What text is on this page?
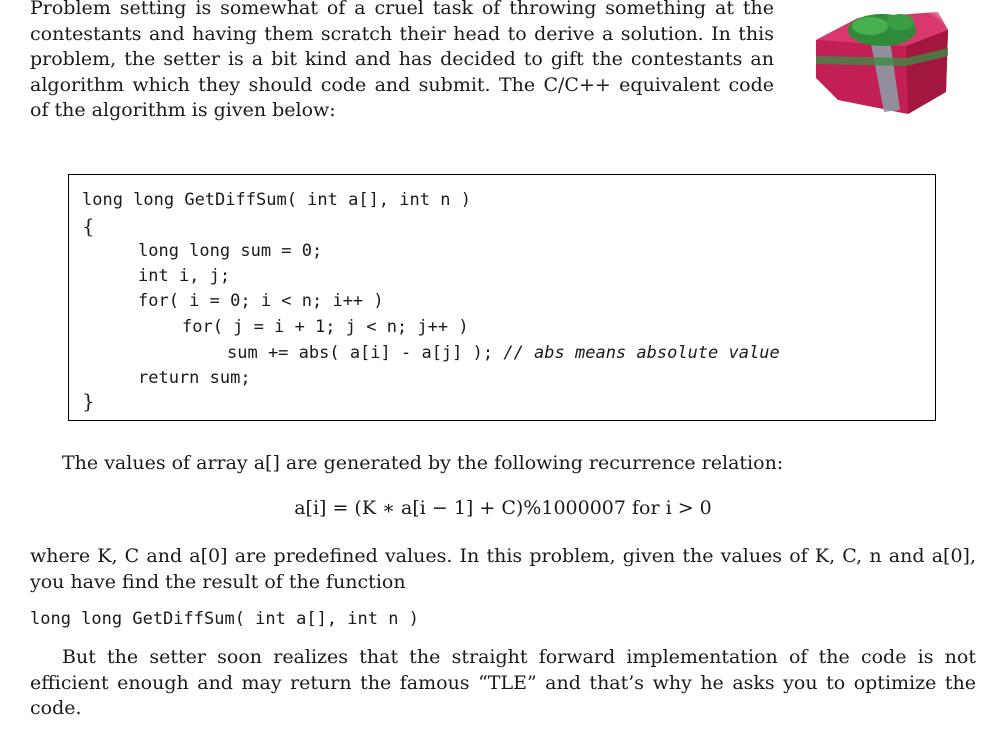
Problem setting is somewhat of a cruel task of throwing something at the contestants and having them scratch their head to derive a solution. In this problem, the setter is a bit kind and has decided to gift the contestants an algorithm which they should code and submit. The C/C++ equivalent code of the algorithm is given below:

long long GetDiffSum( int a[], int n )
{
long long sum = 0;
int i, j;
for( i = 0; i < n; i++ )
for( j = i + 1; j < n; j++ )
sum += abs( a[i] - a[j] ); // abs means absolute value
return sum;
}

The values of array a[] are generated by the following recurrence relation:

a[i] = (K ∗ a[i − 1] + C)%1000007 for i > 0

where K, C and a[0] are predefined values. In this problem, given the values of K, C, n and a[0], you have find the result of the function

long long GetDiffSum( int a[], int n )

But the setter soon realizes that the straight forward implementation of the code is not efficient enough and may return the famous “TLE” and that’s why he asks you to optimize the code.
